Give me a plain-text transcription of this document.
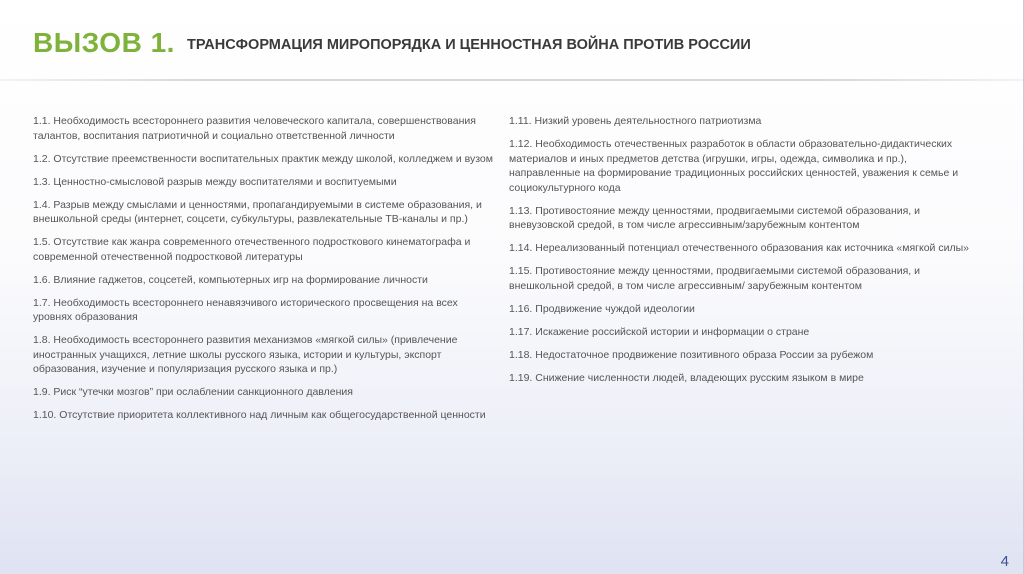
ВЫЗОВ 1. ТРАНСФОРМАЦИЯ МИРОПОРЯДКА И ЦЕННОСТНАЯ ВОЙНА ПРОТИВ РОССИИ

1.1. Необходимость всестороннего развития человеческого капитала, совершенствования талантов, воспитания патриотичной и социально ответственной личности

1.2. Отсутствие преемственности воспитательных практик между школой, колледжем и вузом

1.3. Ценностно-смысловой разрыв между воспитателями и воспитуемыми

1.4. Разрыв между смыслами и ценностями, пропагандируемыми в системе образования, и внешкольной среды (интернет, соцсети, субкультуры, развлекательные ТВ-каналы и пр.)

1.5. Отсутствие как жанра современного отечественного подросткового кинематографа и современной отечественной подростковой литературы

1.6. Влияние гаджетов, соцсетей, компьютерных игр на формирование личности

1.7. Необходимость всестороннего ненавязчивого исторического просвещения на всех уровнях образования

1.8. Необходимость всестороннего развития механизмов «мягкой силы» (привлечение иностранных учащихся, летние школы русского языка, истории и культуры, экспорт образования, изучение и популяризация русского языка и пр.)

1.9. Риск “утечки мозгов” при ослаблении санкционного давления

1.10. Отсутствие приоритета коллективного над личным как общегосударственной ценности

1.11. Низкий уровень деятельностного патриотизма

1.12. Необходимость отечественных разработок в области образовательно-дидактических материалов и иных предметов детства (игрушки, игры, одежда, символика и пр.), направленные на формирование традиционных российских ценностей, уважения к семье и социокультурного кода

1.13. Противостояние между ценностями, продвигаемыми системой образования, и вневузовской средой, в том числе агрессивным/зарубежным контентом

1.14. Нереализованный потенциал отечественного образования как источника «мягкой силы»

1.15. Противостояние между ценностями, продвигаемыми системой образования, и внешкольной средой, в том числе агрессивным/ зарубежным контентом

1.16. Продвижение чуждой идеологии

1.17. Искажение российской истории и информации о стране

1.18. Недостаточное продвижение позитивного образа России за рубежом

1.19. Снижение численности людей, владеющих русским языком в мире

4
